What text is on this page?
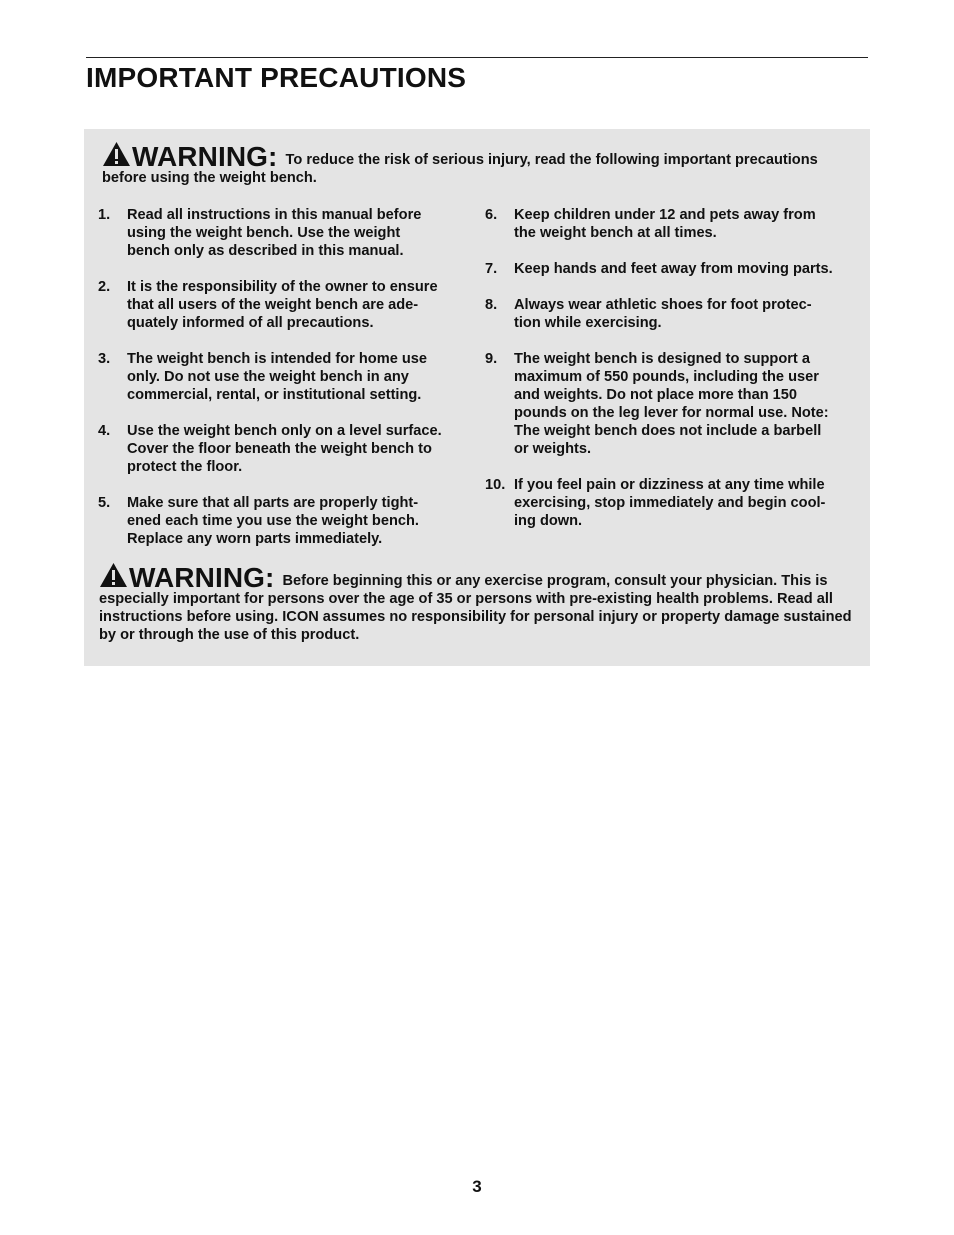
IMPORTANT PRECAUTIONS

WARNING: To reduce the risk of serious injury, read the following important precautions before using the weight bench.

1. Read all instructions in this manual before
using the weight bench. Use the weight
bench only as described in this manual.
2. It is the responsibility of the owner to ensure
that all users of the weight bench are ade-
quately informed of all precautions.
3. The weight bench is intended for home use
only. Do not use the weight bench in any
commercial, rental, or institutional setting.
4. Use the weight bench only on a level surface.
Cover the floor beneath the weight bench to
protect the floor.
5. Make sure that all parts are properly tight-
ened each time you use the weight bench.
Replace any worn parts immediately.
6. Keep children under 12 and pets away from
the weight bench at all times.
7. Keep hands and feet away from moving parts.
8. Always wear athletic shoes for foot protec-
tion while exercising.
9. The weight bench is designed to support a
maximum of 550 pounds, including the user
and weights. Do not place more than 150
pounds on the leg lever for normal use. Note:
The weight bench does not include a barbell
or weights.
10. If you feel pain or dizziness at any time while
exercising, stop immediately and begin cool-
ing down.

WARNING: Before beginning this or any exercise program, consult your physician. This is especially important for persons over the age of 35 or persons with pre-existing health problems. Read all instructions before using. ICON assumes no responsibility for personal injury or property damage sustained by or through the use of this product.

3
